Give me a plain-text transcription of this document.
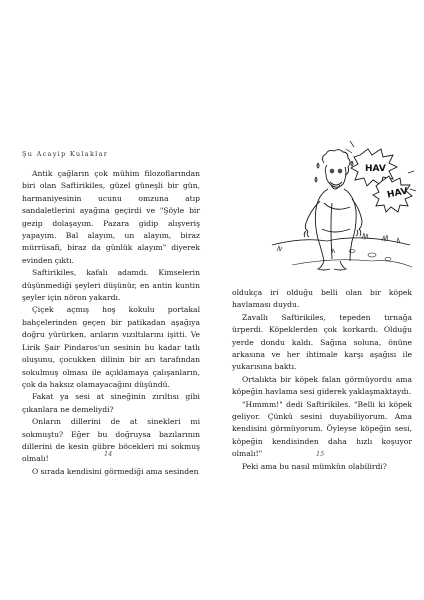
Şu Acayip Kulaklar

Antik çağların çok mühim filozoflarından biri olan Saftirikiles, güzel güneşli bir gün, harmaniyesinin ucunu omzuna atıp sandaletlerini ayağına geçirdi ve "Şöyle bir gezip dolaşayım. Pazara gidip alışveriş yapayım. Bal alayım, un alayım, biraz mürrüsafi, biraz da günlük alayım" diyerek evinden çıktı.

Saftirikiles, kafalı adamdı. Kimselerin düşünmediği şeyleri düşünür, en antin kuntin şeyler için nöron yakardı.

Çiçek açmış hoş kokulu portakal bahçelerinden geçen bir patikadan aşağıya doğru yürürken, arıların vızıltılarını işitti. Ve Lirik Şair Pindaros'un sesinin bu kadar tatlı oluşunu, çocukken dilinin bir arı tarafından sokulmuş olması ile açıklamaya çalışanların, çok da haksız olamayacağını düşündü.

Fakat ya sesi at sineğinin zırıltısı gibi çıkanlara ne demeliydi?

Onların dillerini de at sinekleri mi sokmuştu? Eğer bu doğruysa bazılarının dillerini de kesin gübre böcekleri mi sokmuş olmalı!

O sırada kendisini görmediği ama sesinden

14
HAV
HAV

oldukça iri olduğu belli olan bir köpek havlaması duydu.

Zavallı Saftirikiles, tepeden tırnağa ürperdi. Köpeklerden çok korkardı. Olduğu yerde dondu kaldı. Sağına soluna, önüne arkasına ve her ihtimale karşı aşağısı ile yukarısına baktı.

Ortalıkta bir köpek falan görmüyordu ama köpeğin havlama sesi giderek yaklaşmaktaydı.

"Hımmm!" dedi Saftirikiles. "Belli ki köpek geliyor. Çünkü sesini duyabiliyorum. Ama kendisini görmüyorum. Öyleyse köpeğin sesi, köpeğin kendisinden daha hızlı koşuyor olmalı!"

Peki ama bu nasıl mümkün olabilirdi?

15
